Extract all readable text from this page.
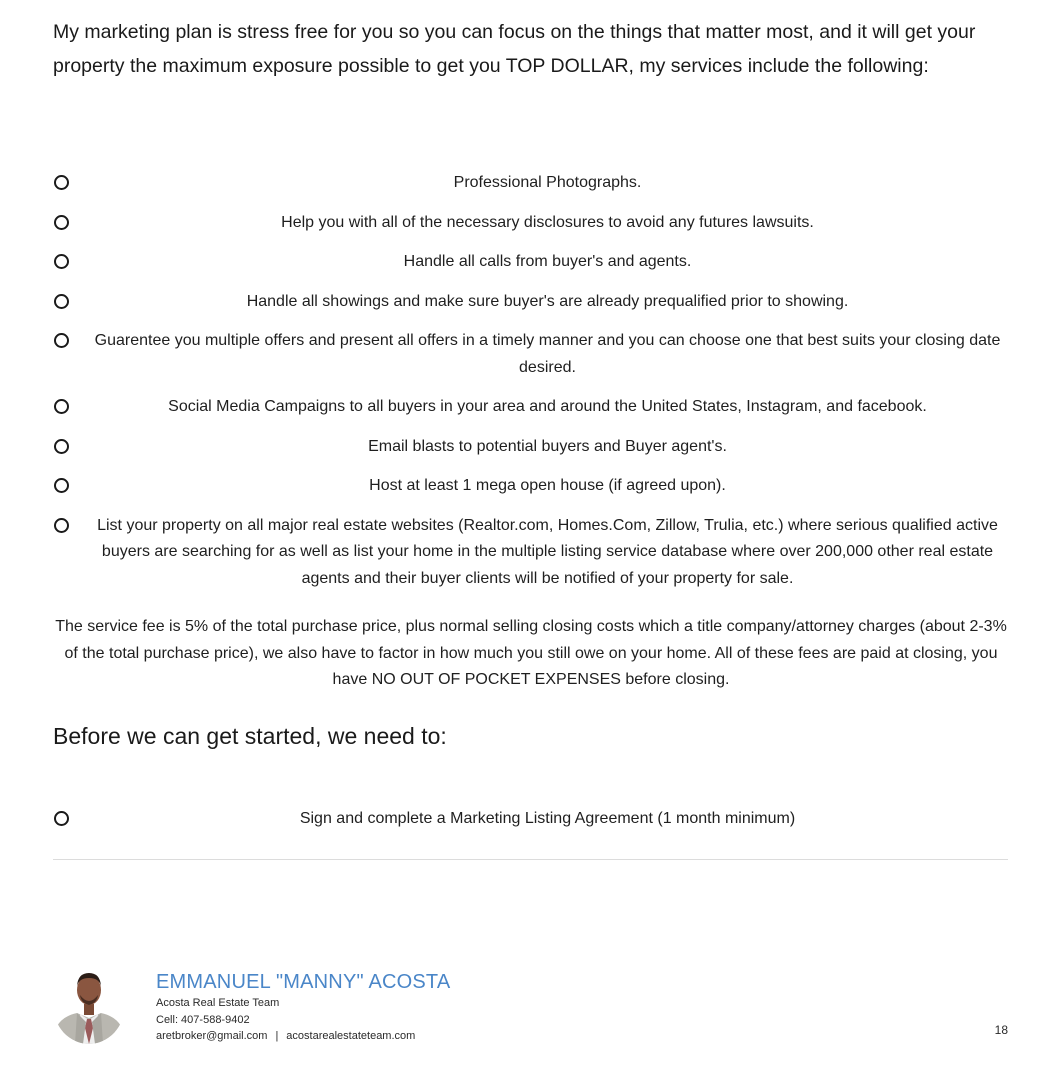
My marketing plan is stress free for you so you can focus on the things that matter most, and it will get your property the maximum exposure possible to get you TOP DOLLAR, my services include the following:

Professional Photographs.
Help you with all of the necessary disclosures to avoid any futures lawsuits.
Handle all calls from buyer's and agents.
Handle all showings and make sure buyer's are already prequalified prior to showing.
Guarentee you multiple offers and present all offers in a timely manner and you can choose one that best suits your closing date desired.
Social Media Campaigns to all buyers in your area and around the United States, Instagram, and facebook.
Email blasts to potential buyers and Buyer agent's.
Host at least 1 mega open house (if agreed upon).
List your property on all major real estate websites (Realtor.com, Homes.Com, Zillow, Trulia, etc.) where serious qualified active buyers are searching for as well as list your home in the multiple listing service database where over 200,000 other real estate agents and their buyer clients will be notified of your property for sale.

The service fee is 5% of the total purchase price, plus normal selling closing costs which a title company/attorney charges (about 2-3% of the total purchase price), we also have to factor in how much you still owe on your home. All of these fees are paid at closing, you have NO OUT OF POCKET EXPENSES before closing.

Before we can get started, we need to:
Sign and complete a Marketing Listing Agreement (1 month minimum)
EMMANUEL "MANNY" ACOSTA
Acosta Real Estate Team
Cell: 407-588-9402
aretbroker@gmail.com | acostarealestateteam.com	18
